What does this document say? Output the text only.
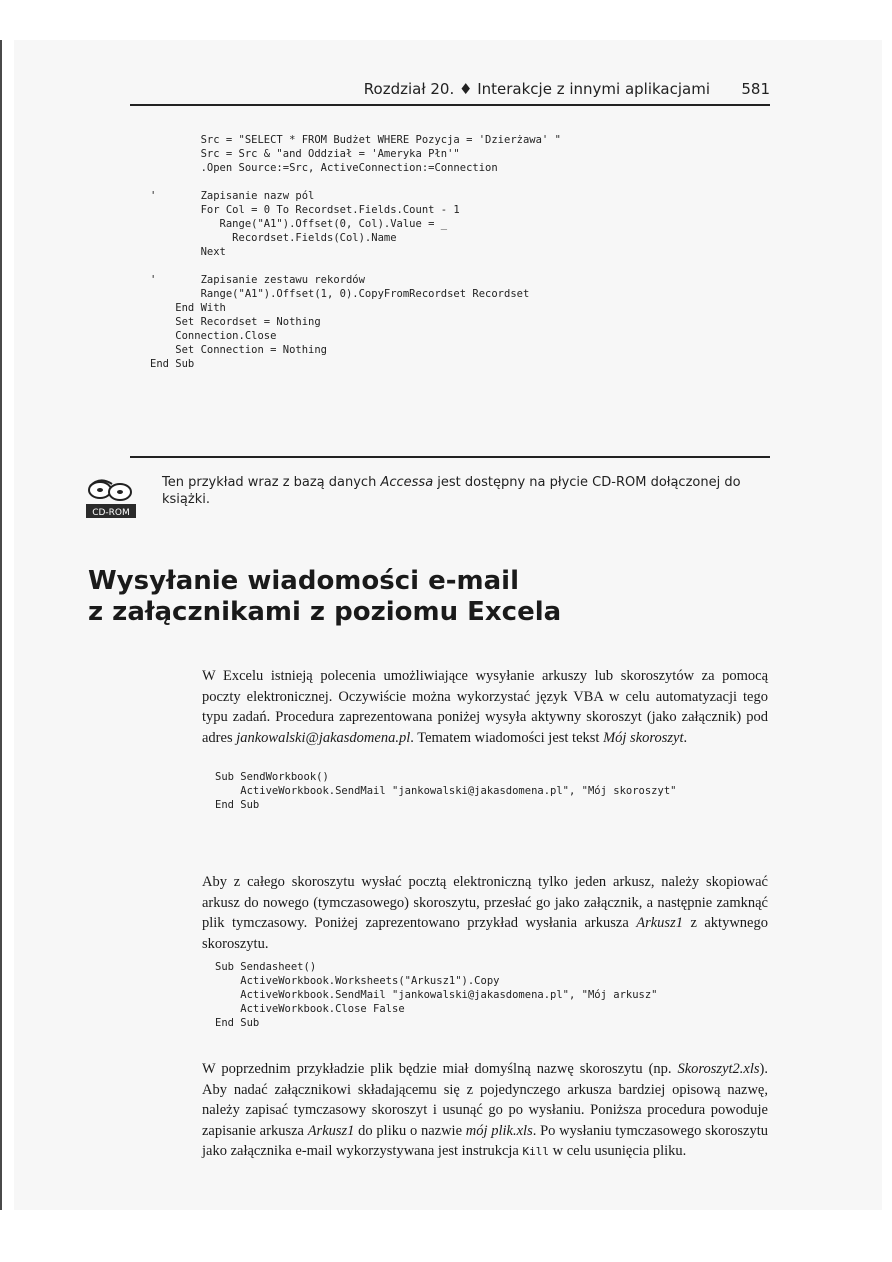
Rozdział 20. ♦ Interakcje z innymi aplikacjami 581
Src = "SELECT * FROM Budżet WHERE Pozycja = 'Dzierżawa' "
Src = Src & "and Oddział = 'Ameryka Płn'"
.Open Source:=Src, ActiveConnection:=Connection

'       Zapisanie nazw pól
For Col = 0 To Recordset.Fields.Count - 1
Range("A1").Offset(0, Col).Value = _
Recordset.Fields(Col).Name
Next

'       Zapisanie zestawu rekordów
Range("A1").Offset(1, 0).CopyFromRecordset Recordset
End With
Set Recordset = Nothing
Connection.Close
Set Connection = Nothing
End Sub
CD-ROM
Ten przykład wraz z bazą danych Accessa jest dostępny na płycie CD-ROM dołączonej do książki.
Wysyłanie wiadomości e-mail
z załącznikami z poziomu Excela

W Excelu istnieją polecenia umożliwiające wysyłanie arkuszy lub skoroszytów za pomocą poczty elektronicznej. Oczywiście można wykorzystać język VBA w celu automatyzacji tego typu zadań. Procedura zaprezentowana poniżej wysyła aktywny skoroszyt (jako załącznik) pod adres jankowalski@jakasdomena.pl. Tematem wiadomości jest tekst Mój skoroszyt.

Sub SendWorkbook()
ActiveWorkbook.SendMail "jankowalski@jakasdomena.pl", "Mój skoroszyt"
End Sub

Aby z całego skoroszytu wysłać pocztą elektroniczną tylko jeden arkusz, należy skopiować arkusz do nowego (tymczasowego) skoroszytu, przesłać go jako załącznik, a następnie zamknąć plik tymczasowy. Poniżej zaprezentowano przykład wysłania arkusza Arkusz1 z aktywnego skoroszytu.

Sub Sendasheet()
ActiveWorkbook.Worksheets("Arkusz1").Copy
ActiveWorkbook.SendMail "jankowalski@jakasdomena.pl", "Mój arkusz"
ActiveWorkbook.Close False
End Sub

W poprzednim przykładzie plik będzie miał domyślną nazwę skoroszytu (np. Skoroszyt2.xls). Aby nadać załącznikowi składającemu się z pojedynczego arkusza bardziej opisową nazwę, należy zapisać tymczasowy skoroszyt i usunąć go po wysłaniu. Poniższa procedura powoduje zapisanie arkusza Arkusz1 do pliku o nazwie mój plik.xls. Po wysłaniu tymczasowego skoroszytu jako załącznika e-mail wykorzystywana jest instrukcja Kill w celu usunięcia pliku.
